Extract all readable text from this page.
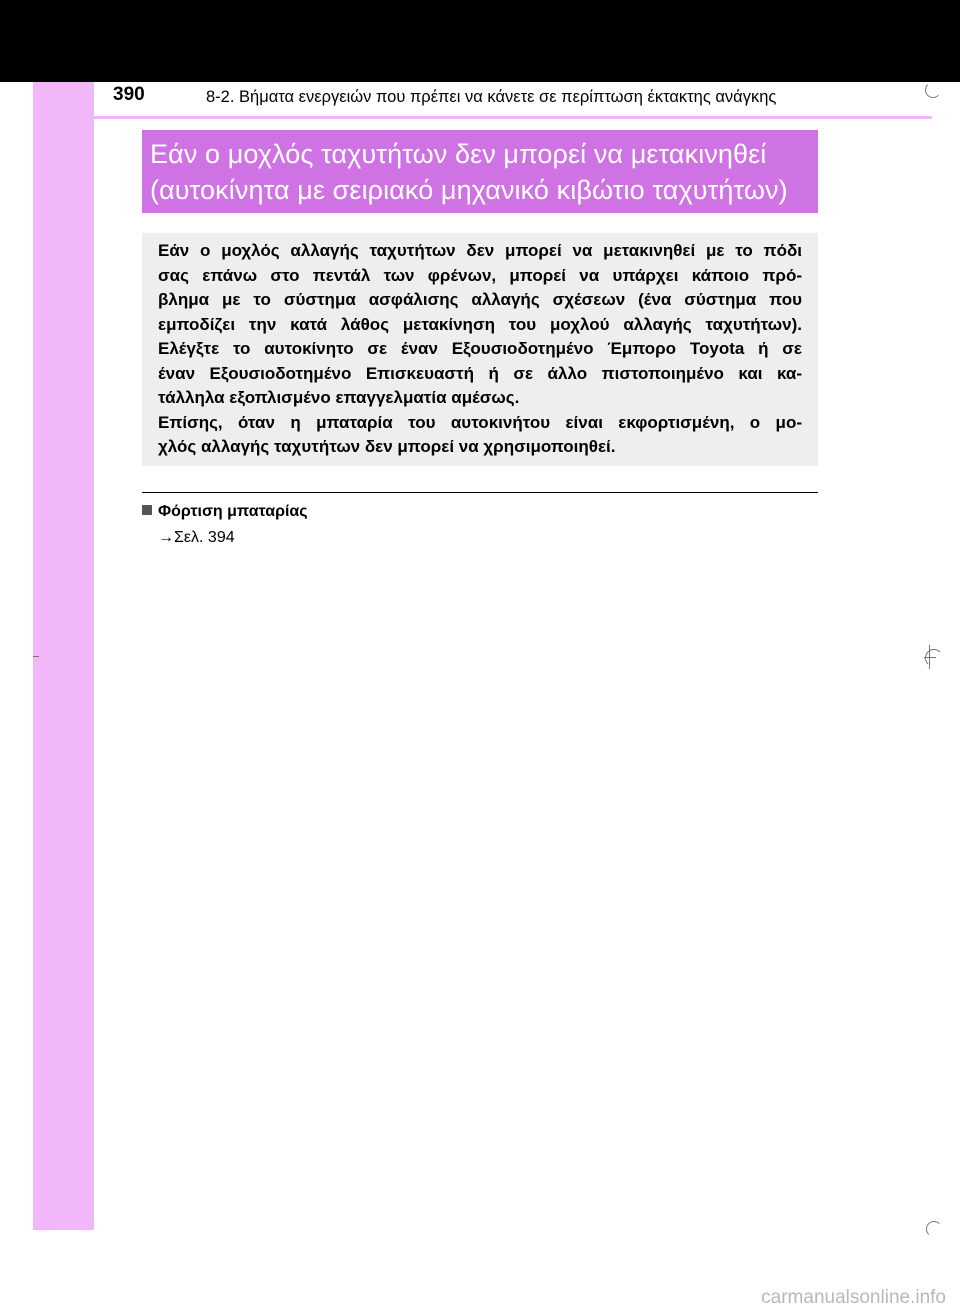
390	8-2. Βήματα ενεργειών που πρέπει να κάνετε σε περίπτωση έκτακτης ανάγκης
Εάν ο μοχλός ταχυτήτων δεν μπορεί να μετακινηθεί
(αυτοκίνητα με σειριακό μηχανικό κιβώτιο ταχυτήτων)
Εάν ο μοχλός αλλαγής ταχυτήτων δεν μπορεί να μετακινηθεί με το πόδι
σας επάνω στο πεντάλ των φρένων, μπορεί να υπάρχει κάποιο πρό-
βλημα με το σύστημα ασφάλισης αλλαγής σχέσεων (ένα σύστημα που
εμποδίζει την κατά λάθος μετακίνηση του μοχλού αλλαγής ταχυτήτων).
Ελέγξτε το αυτοκίνητο σε έναν Εξουσιοδοτημένο Έμπορο Toyota ή σε
έναν Εξουσιοδοτημένο Επισκευαστή ή σε άλλο πιστοποιημένο και κα-
τάλληλα εξοπλισμένο επαγγελματία αμέσως.
Επίσης, όταν η μπαταρία του αυτοκινήτου είναι εκφορτισμένη, ο μο-
χλός αλλαγής ταχυτήτων δεν μπορεί να χρησιμοποιηθεί.
Φόρτιση μπαταρίας
→Σελ. 394
carmanualsonline.info
